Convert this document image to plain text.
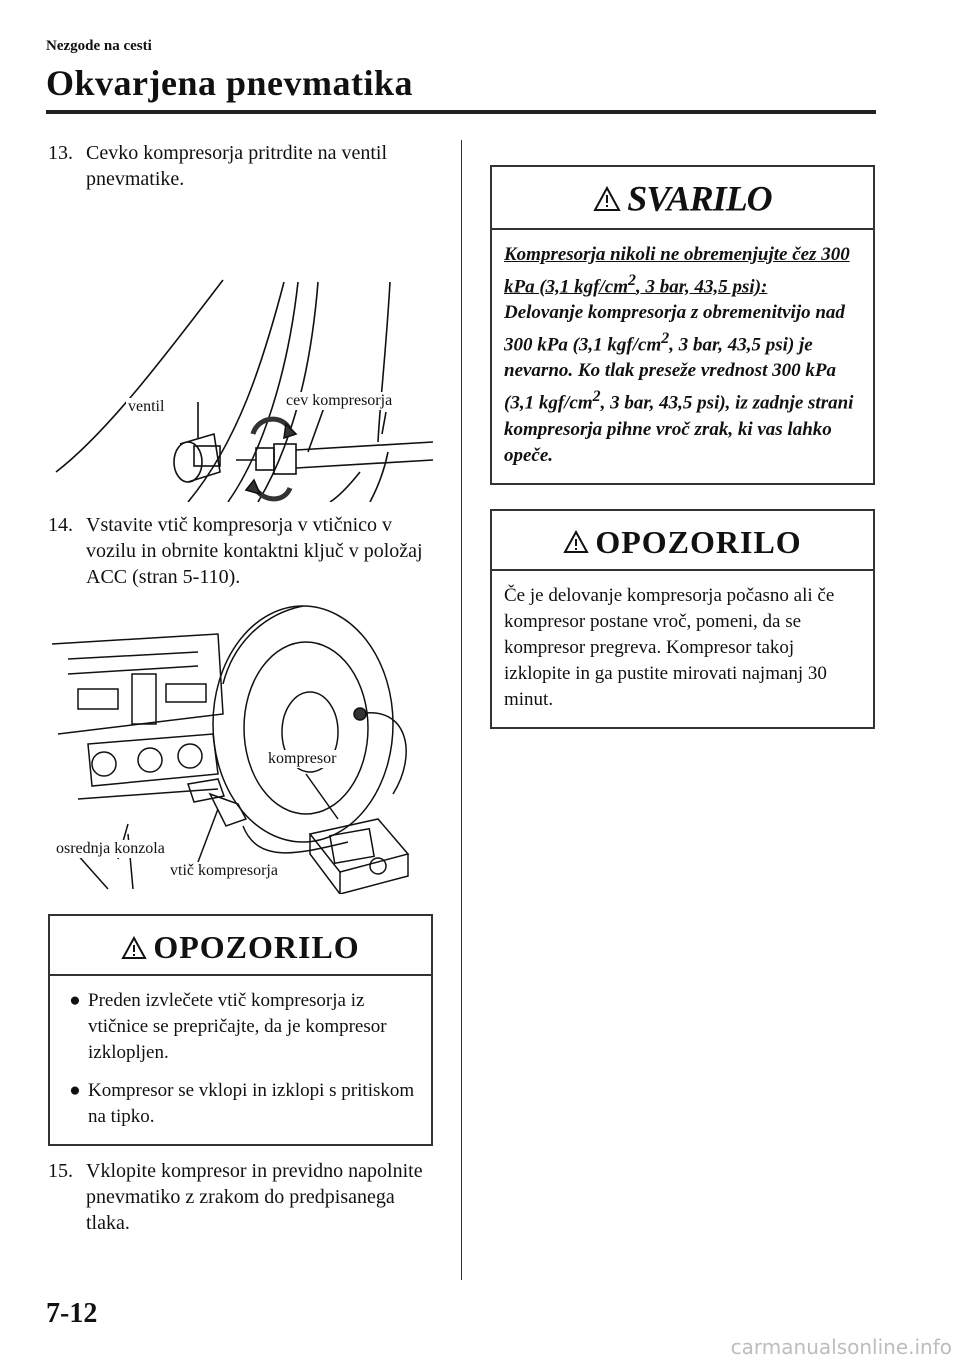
Nezgode na cesti
Okvarjena pnevmatika
13. Cevko kompresorja pritrdite na ventil pnevmatike.
ventil	cev kompresorja
14. Vstavite vtič kompresorja v vtičnico v vozilu in obrnite kontaktni ključ v položaj ACC (stran 5-110).
kompresor
osrednja konzola
vtič kompresorja
OPOZORILO
● Preden izvlečete vtič kompresorja iz vtičnice se prepričajte, da je kompresor izklopljen.
● Kompresor se vklopi in izklopi s pritiskom na tipko.
15. Vklopite kompresor in previdno napolnite pnevmatiko z zrakom do predpisanega tlaka.
SVARILO
Kompresorja nikoli ne obremenjujte čez 300 kPa (3,1 kgf/$cm^2$, 3 bar, 43,5 psi):
Delovanje kompresorja z obremenitvijo nad 300 kPa (3,1 kgf/$cm^2$, 3 bar, 43,5 psi) je nevarno. Ko tlak preseže vrednost 300 kPa (3,1 kgf/$cm^2$, 3 bar, 43,5 psi), iz zadnje strani kompresorja pihne vroč zrak, ki vas lahko opeče.
OPOZORILO
Če je delovanje kompresorja počasno ali če kompresor postane vroč, pomeni, da se kompresor pregreva. Kompresor takoj izklopite in ga pustite mirovati najmanj 30 minut.
7-12
carmanualsonline.info
